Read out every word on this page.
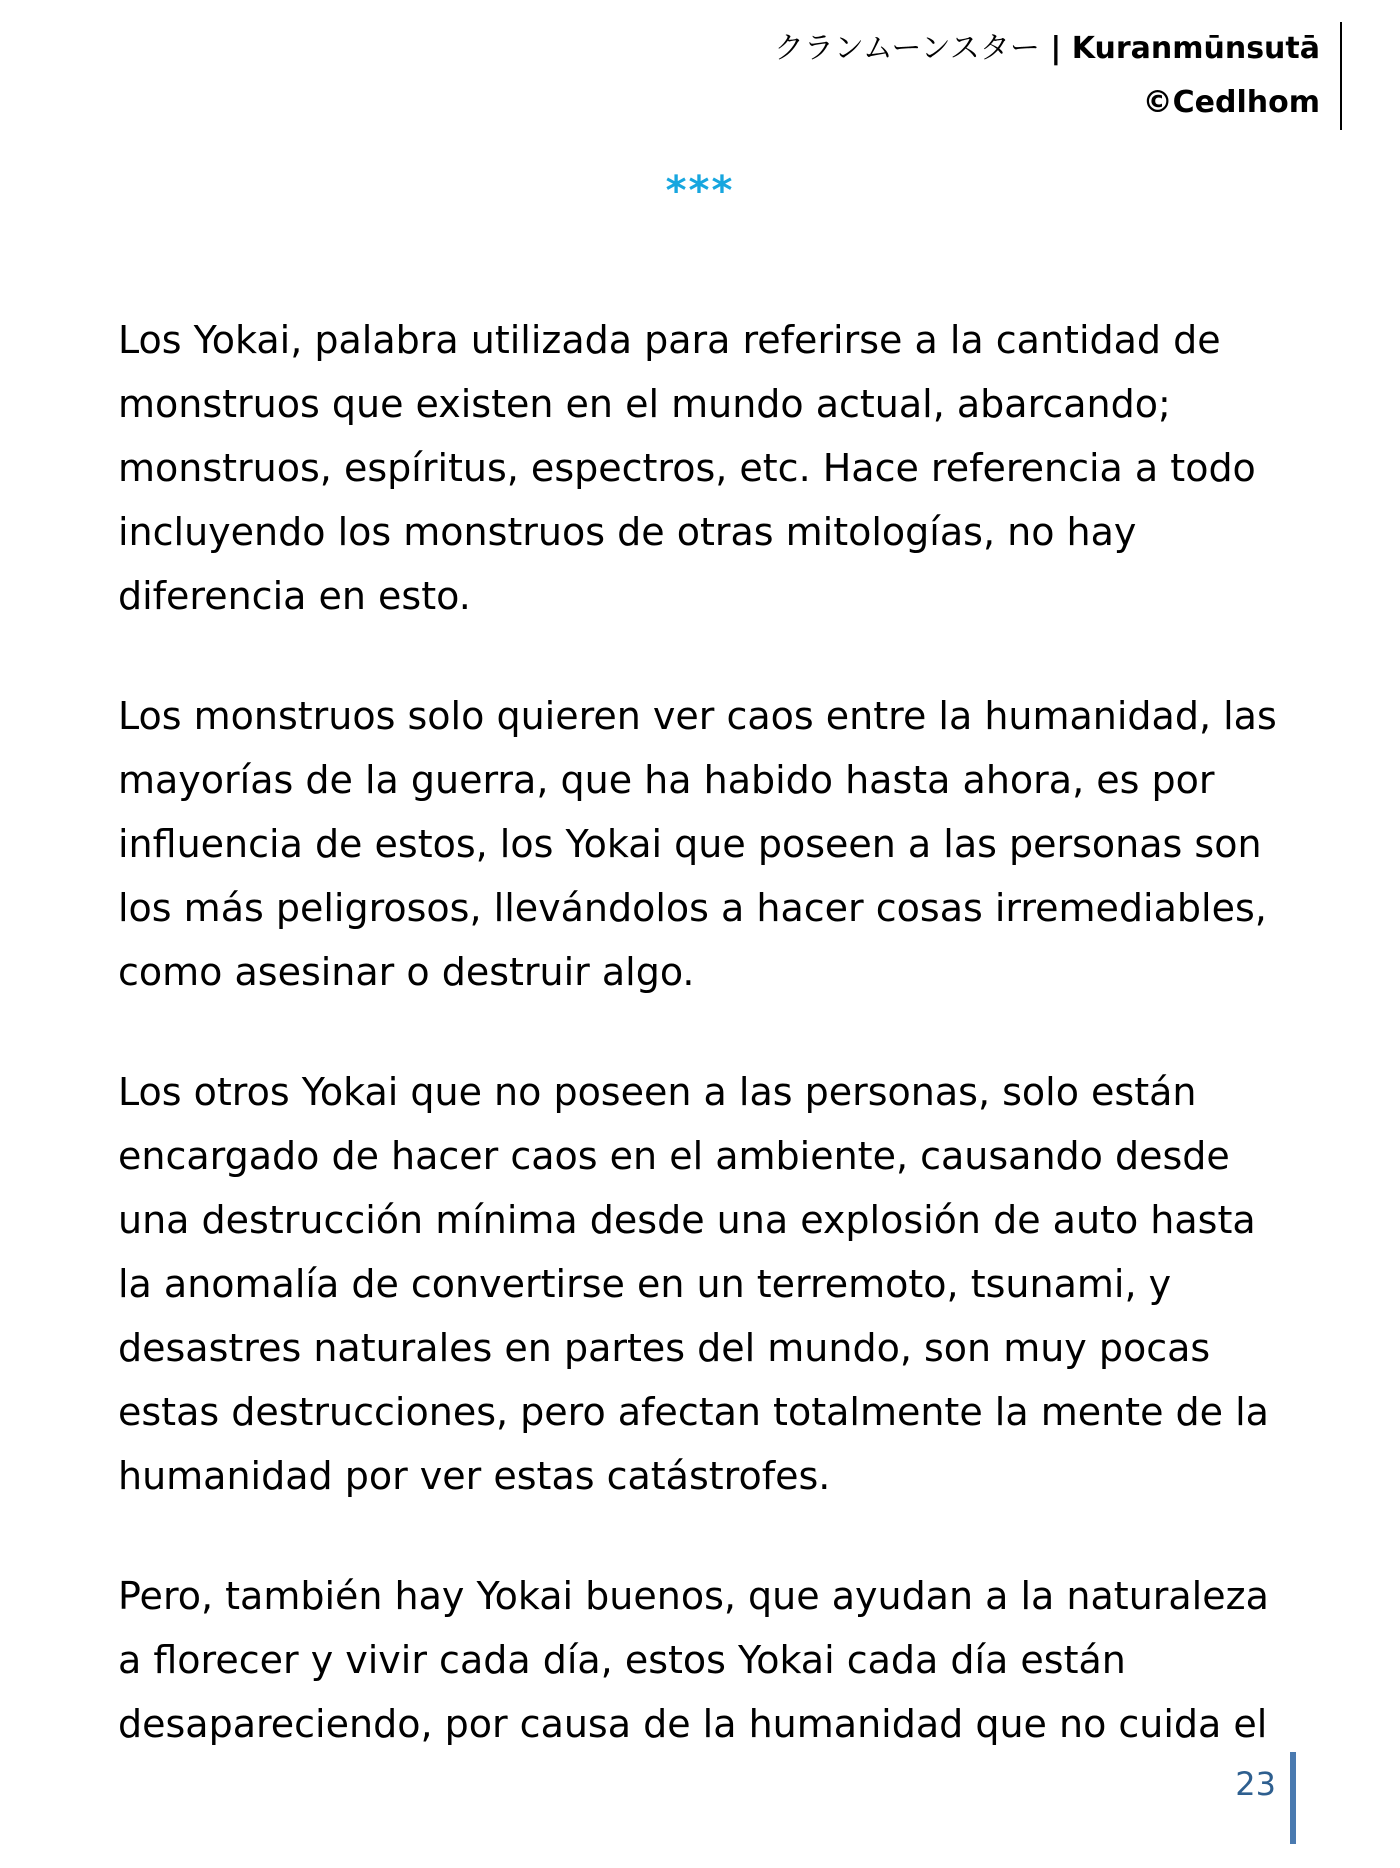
クランムーンスター | Kuranmūnsutā
©Cedlhom
***

Los Yokai, palabra utilizada para referirse a la cantidad de monstruos que existen en el mundo actual, abarcando; monstruos, espíritus, espectros, etc. Hace referencia a todo incluyendo los monstruos de otras mitologías, no hay diferencia en esto.

Los monstruos solo quieren ver caos entre la humanidad, las mayorías de la guerra, que ha habido hasta ahora, es por influencia de estos, los Yokai que poseen a las personas son los más peligrosos, llevándolos a hacer cosas irremediables, como asesinar o destruir algo.

Los otros Yokai que no poseen a las personas, solo están encargado de hacer caos en el ambiente, causando desde una destrucción mínima desde una explosión de auto hasta la anomalía de convertirse en un terremoto, tsunami, y desastres naturales en partes del mundo, son muy pocas estas destrucciones, pero afectan totalmente la mente de la humanidad por ver estas catástrofes.

Pero, también hay Yokai buenos, que ayudan a la naturaleza a florecer y vivir cada día, estos Yokai cada día están desapareciendo, por causa de la humanidad que no cuida el

23
